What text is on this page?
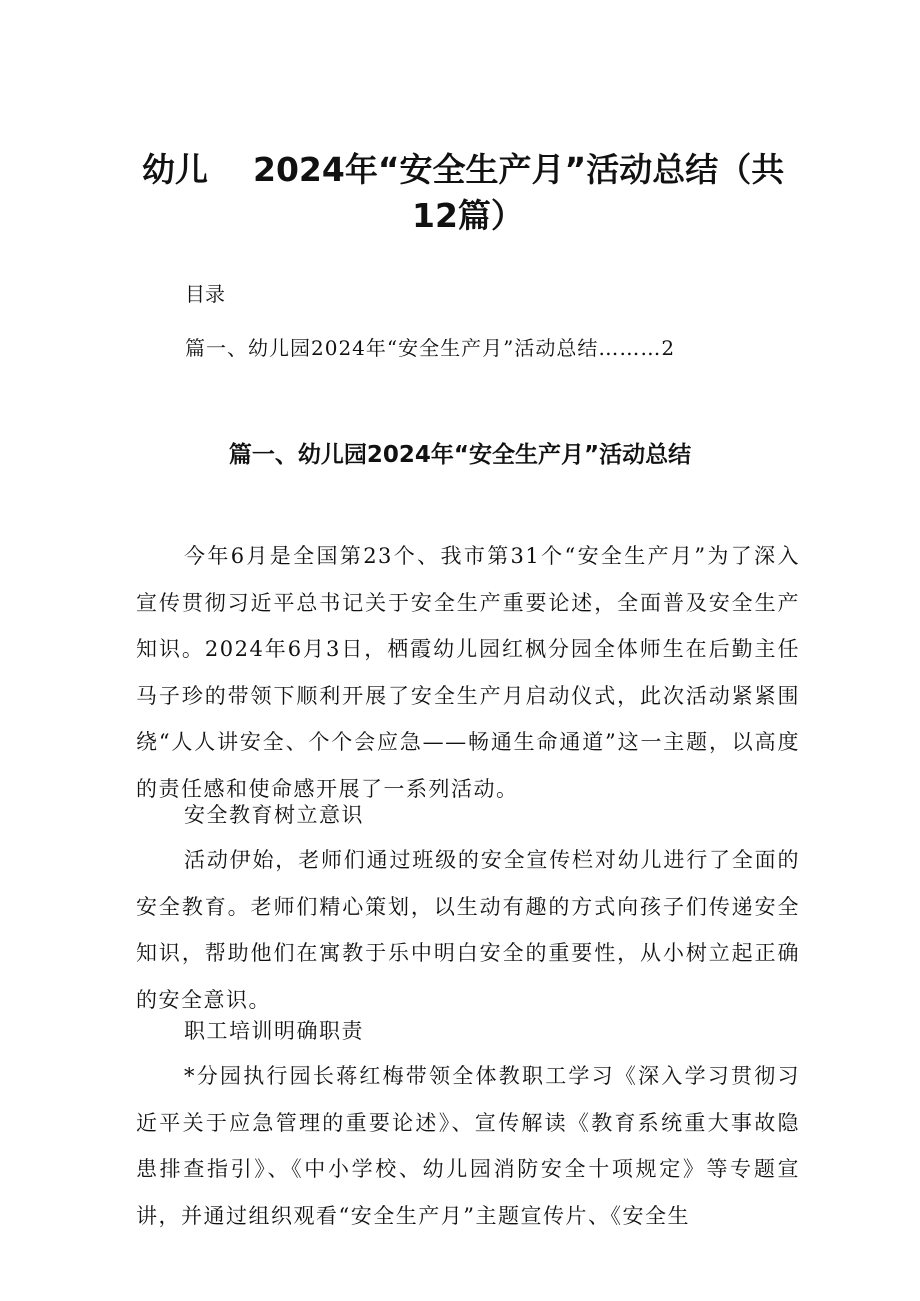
幼儿 2024年“安全生产月”活动总结（共
12篇）
目录
篇一、幼儿园2024年“安全生产月”活动总结………2
篇一、幼儿园2024年“安全生产月”活动总结
今年6月是全国第23个、我市第31个“安全生产月”为了深入宣传贯彻习近平总书记关于安全生产重要论述，全面普及安全生产知识。2024年6月3日，栖霞幼儿园红枫分园全体师生在后勤主任马子珍的带领下顺利开展了安全生产月启动仪式，此次活动紧紧围绕“人人讲安全、个个会应急——畅通生命通道”这一主题，以高度的责任感和使命感开展了一系列活动。
安全教育树立意识
活动伊始，老师们通过班级的安全宣传栏对幼儿进行了全面的安全教育。老师们精心策划，以生动有趣的方式向孩子们传递安全知识，帮助他们在寓教于乐中明白安全的重要性，从小树立起正确的安全意识。
职工培训明确职责
*分园执行园长蒋红梅带领全体教职工学习《深入学习贯彻习近平关于应急管理的重要论述》、宣传解读《教育系统重大事故隐患排查指引》、《中小学校、幼儿园消防安全十项规定》等专题宣讲，并通过组织观看“安全生产月”主题宣传片、《安全生
